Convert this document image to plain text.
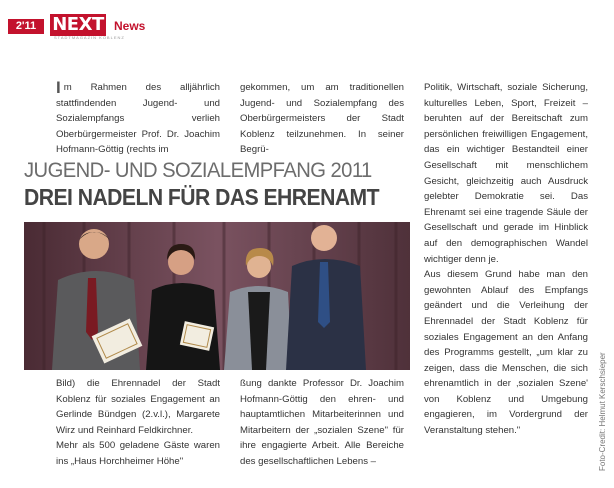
2'11 NEXT
STADTMAGAZIN KOBLENZ
News

Im Rahmen des alljährlich stattfindenden Jugend- und Sozialempfangs verlieh Oberbürgermeister Prof. Dr. Joachim Hofmann-Göttig (rechts im

gekommen, um am traditionellen Jugend- und Sozialempfang des Oberbürgermeisters der Stadt Koblenz teilzunehmen. In seiner Begrü-

JUGEND- UND SOZIALEMPFANG 2011
DREI NADELN FÜR DAS EHRENAMT

Bild) die Ehrennadel der Stadt Koblenz für soziales Engagement an Gerlinde Bündgen (2.v.l.), Margarete Wirz und Reinhard Feldkirchner.

Mehr als 500 geladene Gäste waren ins „Haus Horchheimer Höhe"

ßung dankte Professor Dr. Joachim Hofmann-Göttig den ehren- und hauptamtlichen Mitarbeiterinnen und Mitarbeitern der „sozialen Szene" für ihre engagierte Arbeit. Alle Bereiche des gesellschaftlichen Lebens –

Politik, Wirtschaft, soziale Sicherung, kulturelles Leben, Sport, Freizeit – beruhten auf der Bereitschaft zum persönlichen freiwilligen Engagement, das ein wichtiger Bestandteil einer Gesellschaft mit menschlichem Gesicht, gleichzeitig auch Ausdruck gelebter Demokratie sei. Das Ehrenamt sei eine tragende Säule der Gesellschaft und gerade im Hinblick auf den demographischen Wandel wichtiger denn je.

Aus diesem Grund habe man den gewohnten Ablauf des Empfangs geändert und die Verleihung der Ehrennadel der Stadt Koblenz für soziales Engagement an den Anfang des Programms gestellt, „um klar zu zeigen, dass die Menschen, die sich ehrenamtlich in der ‚sozialen Szene' von Koblenz und Umgebung engagieren, im Vordergrund der Veranstaltung stehen."	Foto-Credit: Helmut Kerschsieper
